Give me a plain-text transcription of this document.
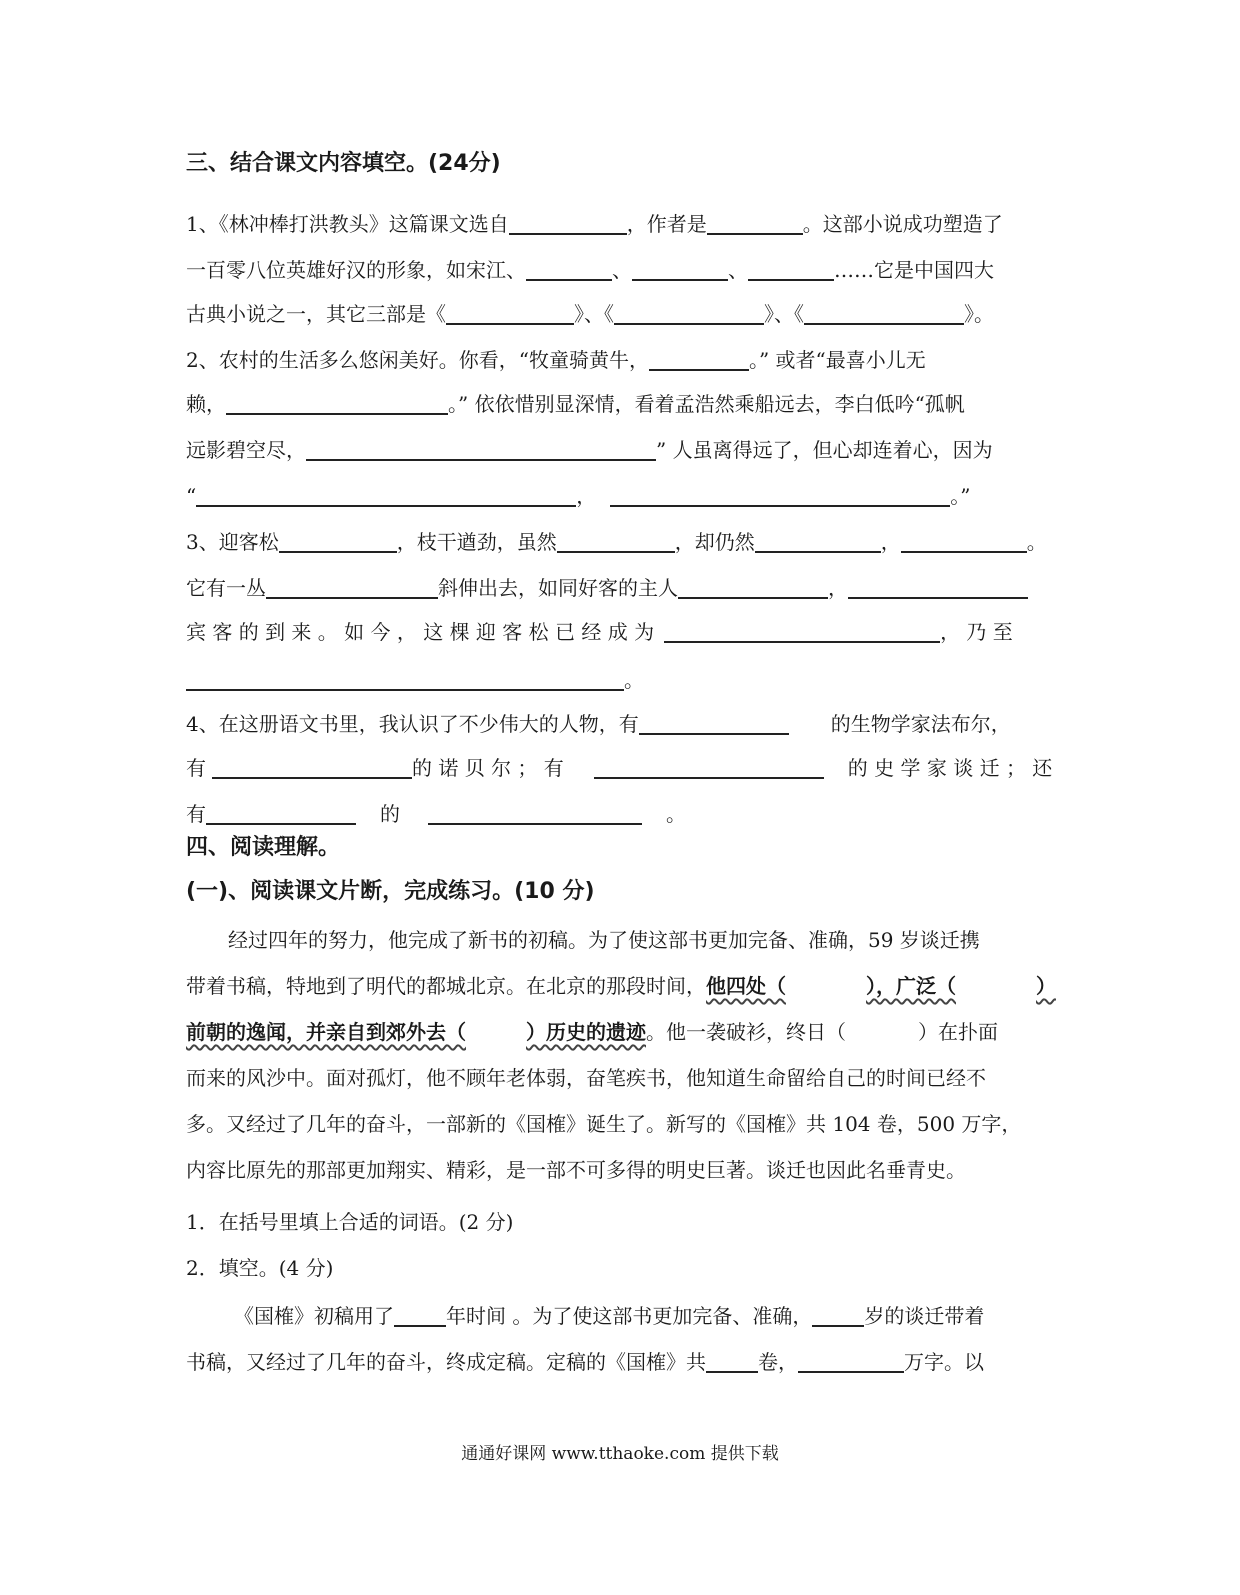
三、结合课文内容填空。(24分)
1、《林冲棒打洪教头》这篇课文选自	，作者是	。这部小说成功塑造了
一百零八位英雄好汉的形象，如宋江、	、	、	……它是中国四大
古典小说之一，其它三部是《	》、《	》、《	》。
2、农村的生活多么悠闲美好。你看，“牧童骑黄牛，	。” 或者“最喜小儿无
赖，	。” 依依惜别显深情，看着孟浩然乘船远去，李白低吟“孤帆
远影碧空尽，	” 人虽离得远了，但心却连着心，因为
“	，	。”
3、迎客松	，枝干遒劲，虽然	，却仍然	，	。
它有一丛	斜伸出去，如同好客的主人	，
宾 客 的 到 来 。 如 今 ， 这 棵 迎 客 松 已 经 成 为	， 乃 至
。
4、在这册语文书里，我认识了不少伟大的人物，有	的生物学家法布尔，
有	的 诺 贝 尔 ； 有	的 史 学 家 谈 迁 ； 还
有	的	。
四、阅读理解。
(一)、阅读课文片断，完成练习。(10 分)
经过四年的努力，他完成了新书的初稿。为了使这部书更加完备、准确，59 岁谈迁携
带着书稿，特地到了明代的都城北京。在北京的那段时间，他四处（	），广泛（	）
前朝的逸闻，并亲自到郊外去（	）历史的遗迹。他一袭破衫，终日（	）在扑面
而来的风沙中。面对孤灯，他不顾年老体弱，奋笔疾书，他知道生命留给自己的时间已经不
多。又经过了几年的奋斗，一部新的《国榷》诞生了。新写的《国榷》共 104 卷，500 万字，
内容比原先的那部更加翔实、精彩，是一部不可多得的明史巨著。谈迁也因此名垂青史。
1．在括号里填上合适的词语。(2 分)
2．填空。(4 分)
《国榷》初稿用了	年时间 。为了使这部书更加完备、准确，	岁的谈迁带着
书稿，又经过了几年的奋斗，终成定稿。定稿的《国榷》共	卷，	万字。以
通通好课网 www.tthaoke.com 提供下载
